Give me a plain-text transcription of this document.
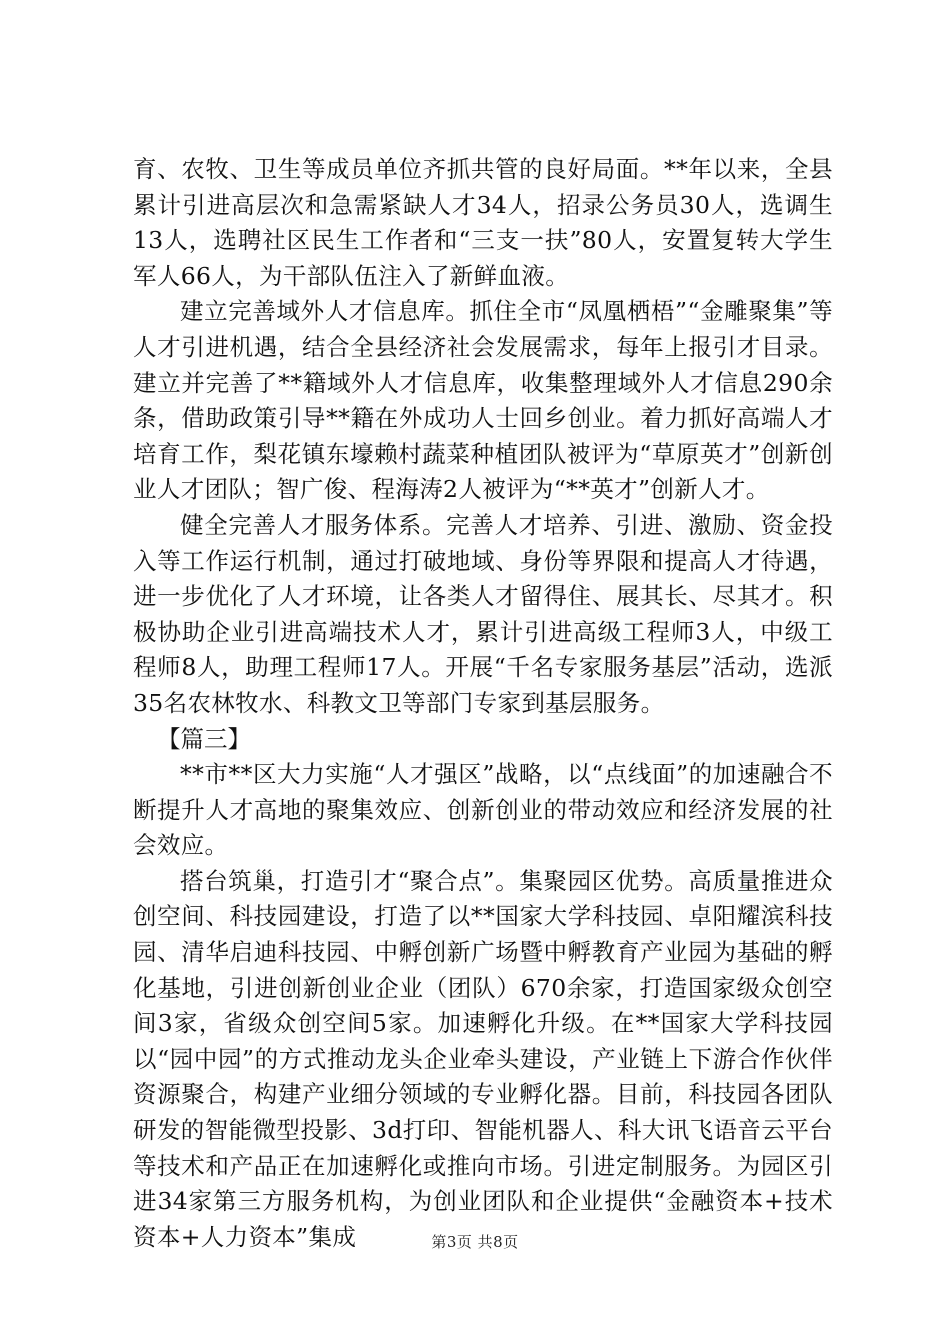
育、农牧、卫生等成员单位齐抓共管的良好局面。**年以来，全县累计引进高层次和急需紧缺人才34人，招录公务员30人，选调生13人，选聘社区民生工作者和“三支一扶”80人，安置复转大学生军人66人，为干部队伍注入了新鲜血液。

建立完善域外人才信息库。抓住全市“凤凰栖梧”“金雕聚集”等人才引进机遇，结合全县经济社会发展需求，每年上报引才目录。建立并完善了**籍域外人才信息库，收集整理域外人才信息290余条，借助政策引导**籍在外成功人士回乡创业。着力抓好高端人才培育工作，梨花镇东壕赖村蔬菜种植团队被评为“草原英才”创新创业人才团队；智广俊、程海涛2人被评为“**英才”创新人才。

健全完善人才服务体系。完善人才培养、引进、激励、资金投入等工作运行机制，通过打破地域、身份等界限和提高人才待遇，进一步优化了人才环境，让各类人才留得住、展其长、尽其才。积极协助企业引进高端技术人才，累计引进高级工程师3人，中级工程师8人，助理工程师17人。开展“千名专家服务基层”活动，选派35名农林牧水、科教文卫等部门专家到基层服务。

【篇三】

**市**区大力实施“人才强区”战略，以“点线面”的加速融合不断提升人才高地的聚集效应、创新创业的带动效应和经济发展的社会效应。

搭台筑巢，打造引才“聚合点”。集聚园区优势。高质量推进众创空间、科技园建设，打造了以**国家大学科技园、卓阳耀滨科技园、清华启迪科技园、中孵创新广场暨中孵教育产业园为基础的孵化基地，引进创新创业企业（团队）670余家，打造国家级众创空间3家，省级众创空间5家。加速孵化升级。在**国家大学科技园以“园中园”的方式推动龙头企业牵头建设，产业链上下游合作伙伴资源聚合，构建产业细分领域的专业孵化器。目前，科技园各团队研发的智能微型投影、3d打印、智能机器人、科大讯飞语音云平台等技术和产品正在加速孵化或推向市场。引进定制服务。为园区引进34家第三方服务机构，为创业团队和企业提供“金融资本+技术资本+人力资本”集成	第3页 共8页
